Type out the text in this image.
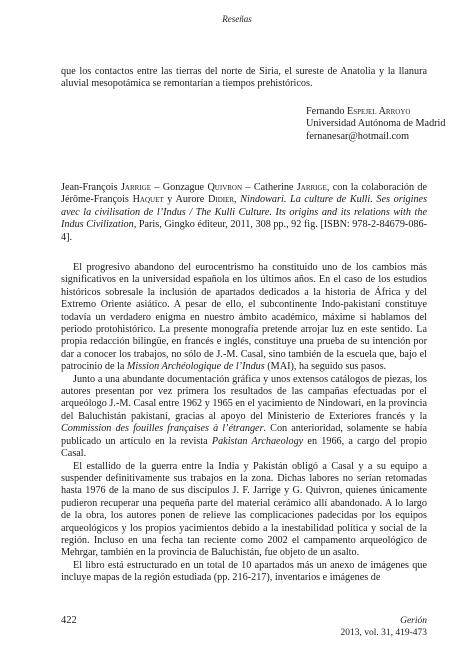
Reseñas

que los contactos entre las tierras del norte de Siria, el sureste de Anatolia y la llanura aluvial mesopotámica se remontarían a tiempos prehistóricos.

Fernando Espejel Arroyo
Universidad Autónoma de Madrid
fernanesar@hotmail.com

Jean-François Jarrige – Gonzague Quivron – Catherine Jarrige, con la colaboración de Jérôme-François Haquet y Aurore Didier, Nindowari. La culture de Kulli. Ses origines avec la civilisation de l’Indus / The Kulli Culture. Its origins and its relations with the Indus Civilization, Paris, Gingko éditeur, 2011, 308 pp., 92 fig. [ISBN: 978-2-84679-086-4].

El progresivo abandono del eurocentrismo ha constituido uno de los cambios más significativos en la universidad española en los últimos años. En el caso de los estudios históricos sobresale la inclusión de apartados dedicados a la historia de África y del Extremo Oriente asiático. A pesar de ello, el subcontinente Indo-pakistaní constituye todavía un verdadero enigma en nuestro ámbito académico, máxime si hablamos del periodo protohistórico. La presente monografía pretende arrojar luz en este sentido. La propia redacción bilingüe, en francés e inglés, constituye una prueba de su intención por dar a conocer los trabajos, no sólo de J.-M. Casal, sino también de la escuela que, bajo el patrocinio de la Mission Archéologique de l’Indus (MAI), ha seguido sus pasos.

Junto a una abundante documentación gráfica y unos extensos catálogos de piezas, los autores presentan por vez primera los resultados de las campañas efectuadas por el arqueólogo J.-M. Casal entre 1962 y 1965 en el yacimiento de Nindowari, en la provincia del Baluchistán pakistaní, gracias al apoyo del Ministerio de Exteriores francés y la Commission des fouilles françaises à l’étranger. Con anterioridad, solamente se había publicado un artículo en la revista Pakistan Archaeology en 1966, a cargo del propio Casal.

El estallido de la guerra entre la India y Pakistán obligó a Casal y a su equipo a suspender definitivamente sus trabajos en la zona. Dichas labores no serían retomadas hasta 1976 de la mano de sus discípulos J. F. Jarrige y G. Quivron, quienes únicamente pudieron recuperar una pequeña parte del material cerámico allí abandonado. A lo largo de la obra, los autores ponen de relieve las complicaciones padecidas por los equipos arqueológicos y los propios yacimientos debido a la inestabilidad política y social de la región. Incluso en una fecha tan reciente como 2002 el campamento arqueológico de Mehrgar, también en la provincia de Baluchistán, fue objeto de un asalto.

El libro está estructurado en un total de 10 apartados más un anexo de imágenes que incluye mapas de la región estudiada (pp. 216-217), inventarios e imágenes de

422	Gerión
2013, vol. 31, 419-473
